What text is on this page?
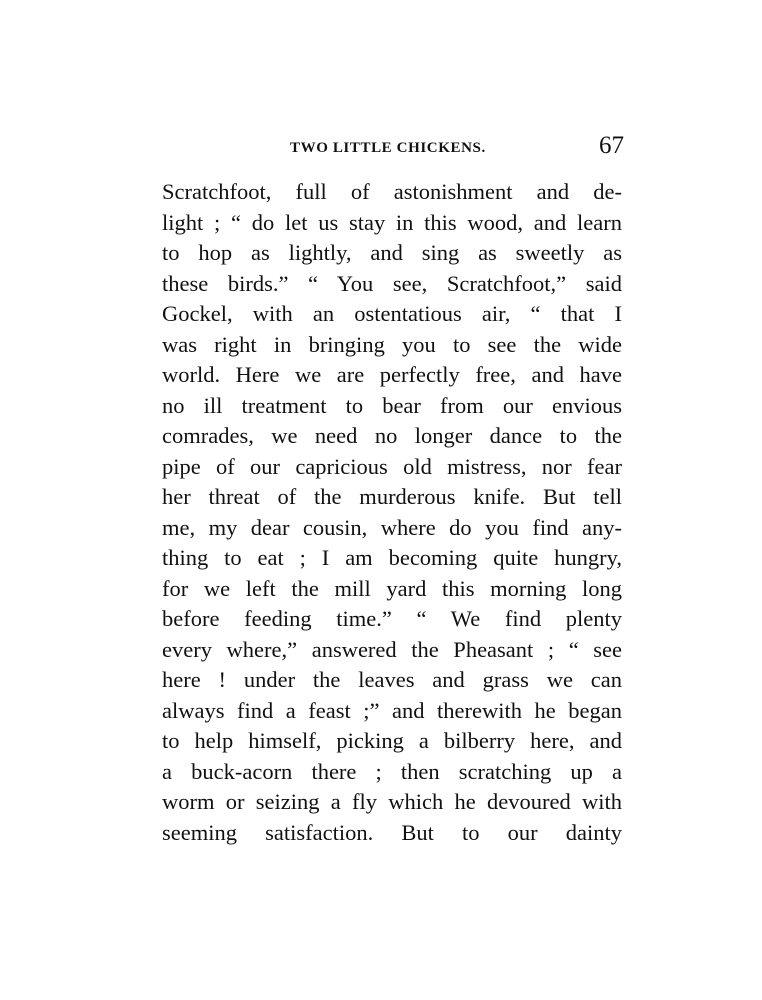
TWO LITTLE CHICKENS.	67
Scratchfoot, full of astonishment and de-
light ; “ do let us stay in this wood, and learn
to hop as lightly, and sing as sweetly as
these birds.” “ You see, Scratchfoot,” said
Gockel, with an ostentatious air, “ that I
was right in bringing you to see the wide
world. Here we are perfectly free, and have
no ill treatment to bear from our envious
comrades, we need no longer dance to the
pipe of our capricious old mistress, nor fear
her threat of the murderous knife. But tell
me, my dear cousin, where do you find any-
thing to eat ; I am becoming quite hungry,
for we left the mill yard this morning long
before feeding time.” “ We find plenty
every where,” answered the Pheasant ; “ see
here ! under the leaves and grass we can
always find a feast ;” and therewith he began
to help himself, picking a bilberry here, and
a buck-acorn there ; then scratching up a
worm or seizing a fly which he devoured with
seeming satisfaction. But to our dainty
